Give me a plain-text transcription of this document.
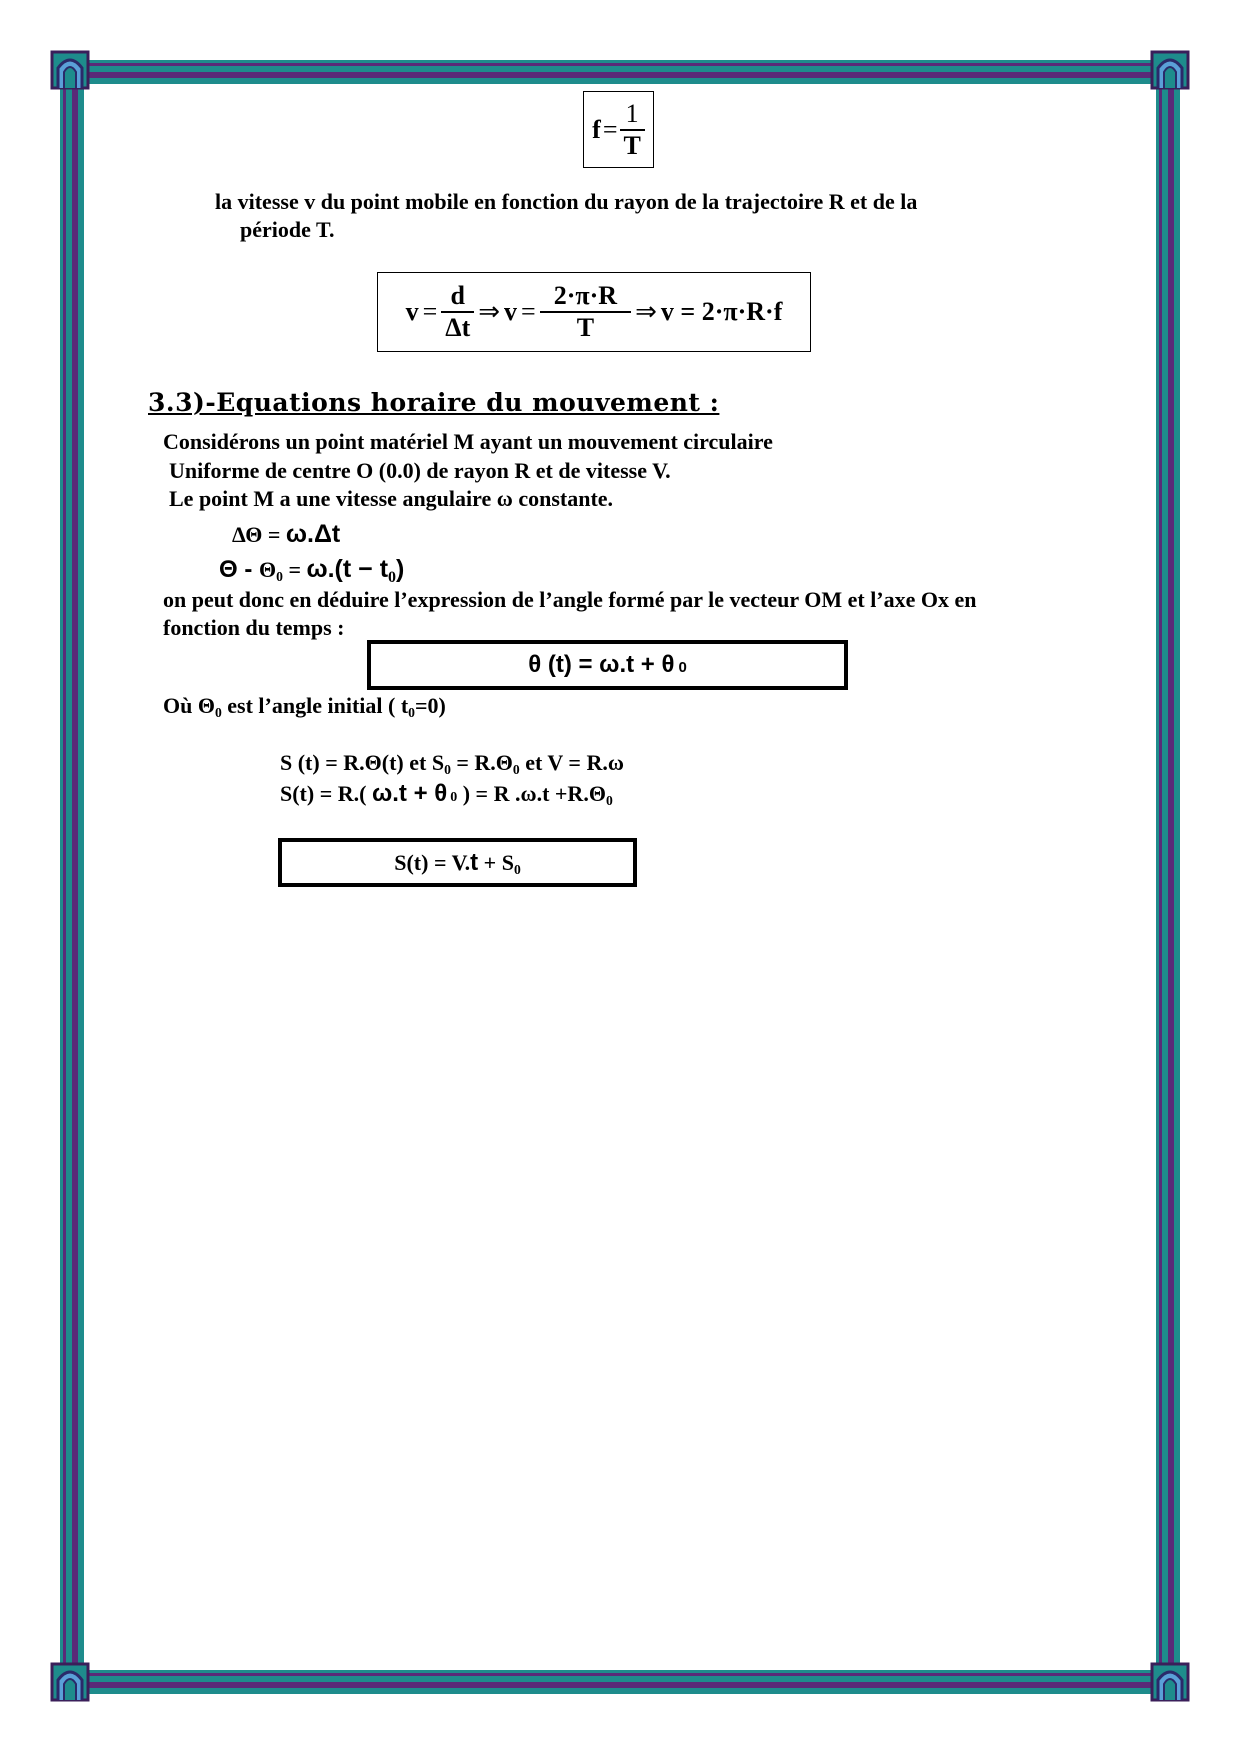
$f = \frac{1}{T}$
la vitesse v du point mobile en fonction du rayon de la trajectoire R et de la
période T.
$v = \frac{d}{\Delta t}$ ⇒ $v = \frac{2\cdot\pi\cdot R}{T}$ ⇒ v = 2·π·R·f
3.3)-Equations horaire du mouvement :
Considérons un point matériel M ayant un mouvement circulaire
Uniforme de centre O (0.0) de rayon R et de vitesse V.
Le point M a une vitesse angulaire ω constante.
ΔΘ = ω.Δt
$\Theta - \Theta_0 = \omega.(t - t_0)$
on peut donc en déduire l’expression de l’angle formé par le vecteur OM et l’axe Ox en
fonction du temps :
θ (t) = ω.t + θ 0
Où $\Theta_0$ est l’angle initial ( $t_0=0$)
S (t) = R.Θ(t) et $S_0 = R.\Theta_0$ et V = R.ω
S(t) = R.( ω.t + θ 0 ) = R $.\omega.t +R.\Theta_0$
$S(t) = V.t + S_0$
